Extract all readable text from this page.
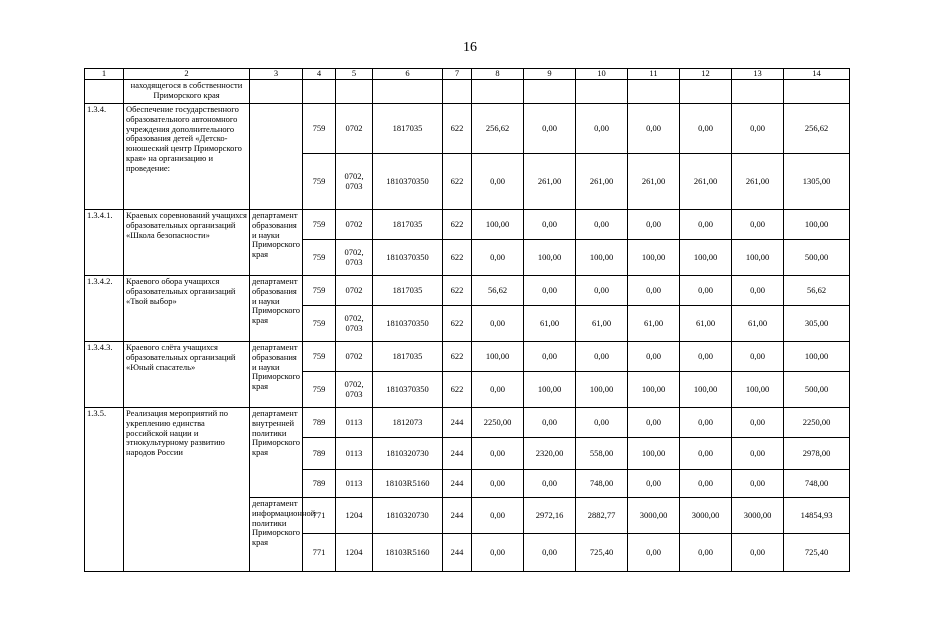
16
1	2	3	4	5	6	7	8	9	10	11	12	13	14
	находящегося в собственности Приморского края												
1.3.4.	Обеспечение государственного образовательного автономного учреждения дополнительного образования детей «Детско-юношеский центр Приморского края» на организацию и проведение:		759	0702	1817035	622	256,62	0,00	0,00	0,00	0,00	0,00	256,62
			759	0702, 0703	1810370350	622	0,00	261,00	261,00	261,00	261,00	261,00	1305,00
1.3.4.1.	Краевых соревнований учащихся образовательных организаций «Школа безопасности»	департамент образования и науки Приморского края	759	0702	1817035	622	100,00	0,00	0,00	0,00	0,00	0,00	100,00
			759	0702, 0703	1810370350	622	0,00	100,00	100,00	100,00	100,00	100,00	500,00
1.3.4.2.	Краевого обора учащихся образовательных организаций «Твой выбор»	департамент образования и науки Приморского края	759	0702	1817035	622	56,62	0,00	0,00	0,00	0,00	0,00	56,62
			759	0702, 0703	1810370350	622	0,00	61,00	61,00	61,00	61,00	61,00	305,00
1.3.4.3.	Краевого слёта учащихся образовательных организаций «Юный спасатель»	департамент образования и науки Приморского края	759	0702	1817035	622	100,00	0,00	0,00	0,00	0,00	0,00	100,00
			759	0702, 0703	1810370350	622	0,00	100,00	100,00	100,00	100,00	100,00	500,00
1.3.5.	Реализация мероприятий по укреплению единства российской нации и этнокультурному развитию народов России	департамент внутренней политики Приморского края	789	0113	1812073	244	2250,00	0,00	0,00	0,00	0,00	0,00	2250,00
			789	0113	1810320730	244	0,00	2320,00	558,00	100,00	0,00	0,00	2978,00
			789	0113	18103R5160	244	0,00	0,00	748,00	0,00	0,00	0,00	748,00
		департамент информационной политики Приморского края	771	1204	1810320730	244	0,00	2972,16	2882,77	3000,00	3000,00	3000,00	14854,93
			771	1204	18103R5160	244	0,00	0,00	725,40	0,00	0,00	0,00	725,40
